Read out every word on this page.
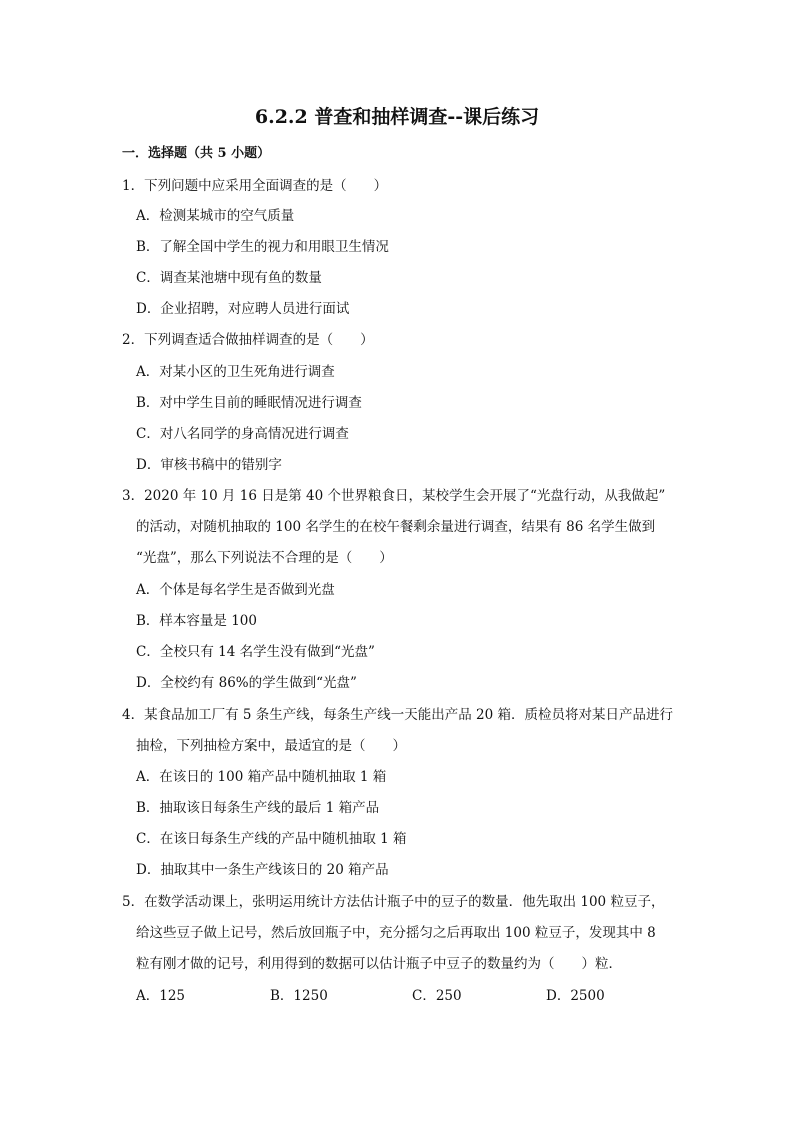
6.2.2 普查和抽样调查--课后练习
一．选择题（共 5 小题）
1．下列问题中应采用全面调查的是（　　）
A．检测某城市的空气质量
B．了解全国中学生的视力和用眼卫生情况
C．调查某池塘中现有鱼的数量
D．企业招聘，对应聘人员进行面试
2．下列调查适合做抽样调查的是（　　）
A．对某小区的卫生死角进行调查
B．对中学生目前的睡眠情况进行调查
C．对八名同学的身高情况进行调查
D．审核书稿中的错别字
3．2020 年 10 月 16 日是第 40 个世界粮食日，某校学生会开展了“光盘行动，从我做起”
的活动，对随机抽取的 100 名学生的在校午餐剩余量进行调查，结果有 86 名学生做到
“光盘”，那么下列说法不合理的是（　　）
A．个体是每名学生是否做到光盘
B．样本容量是 100
C．全校只有 14 名学生没有做到“光盘”
D．全校约有 86%的学生做到“光盘”
4．某食品加工厂有 5 条生产线，每条生产线一天能出产品 20 箱．质检员将对某日产品进行
抽检，下列抽检方案中，最适宜的是（　　）
A．在该日的 100 箱产品中随机抽取 1 箱
B．抽取该日每条生产线的最后 1 箱产品
C．在该日每条生产线的产品中随机抽取 1 箱
D．抽取其中一条生产线该日的 20 箱产品
5．在数学活动课上，张明运用统计方法估计瓶子中的豆子的数量．他先取出 100 粒豆子，
给这些豆子做上记号，然后放回瓶子中，充分摇匀之后再取出 100 粒豆子，发现其中 8
粒有刚才做的记号，利用得到的数据可以估计瓶子中豆子的数量约为（　　）粒．
A．125	B．1250	C．250	D．2500
